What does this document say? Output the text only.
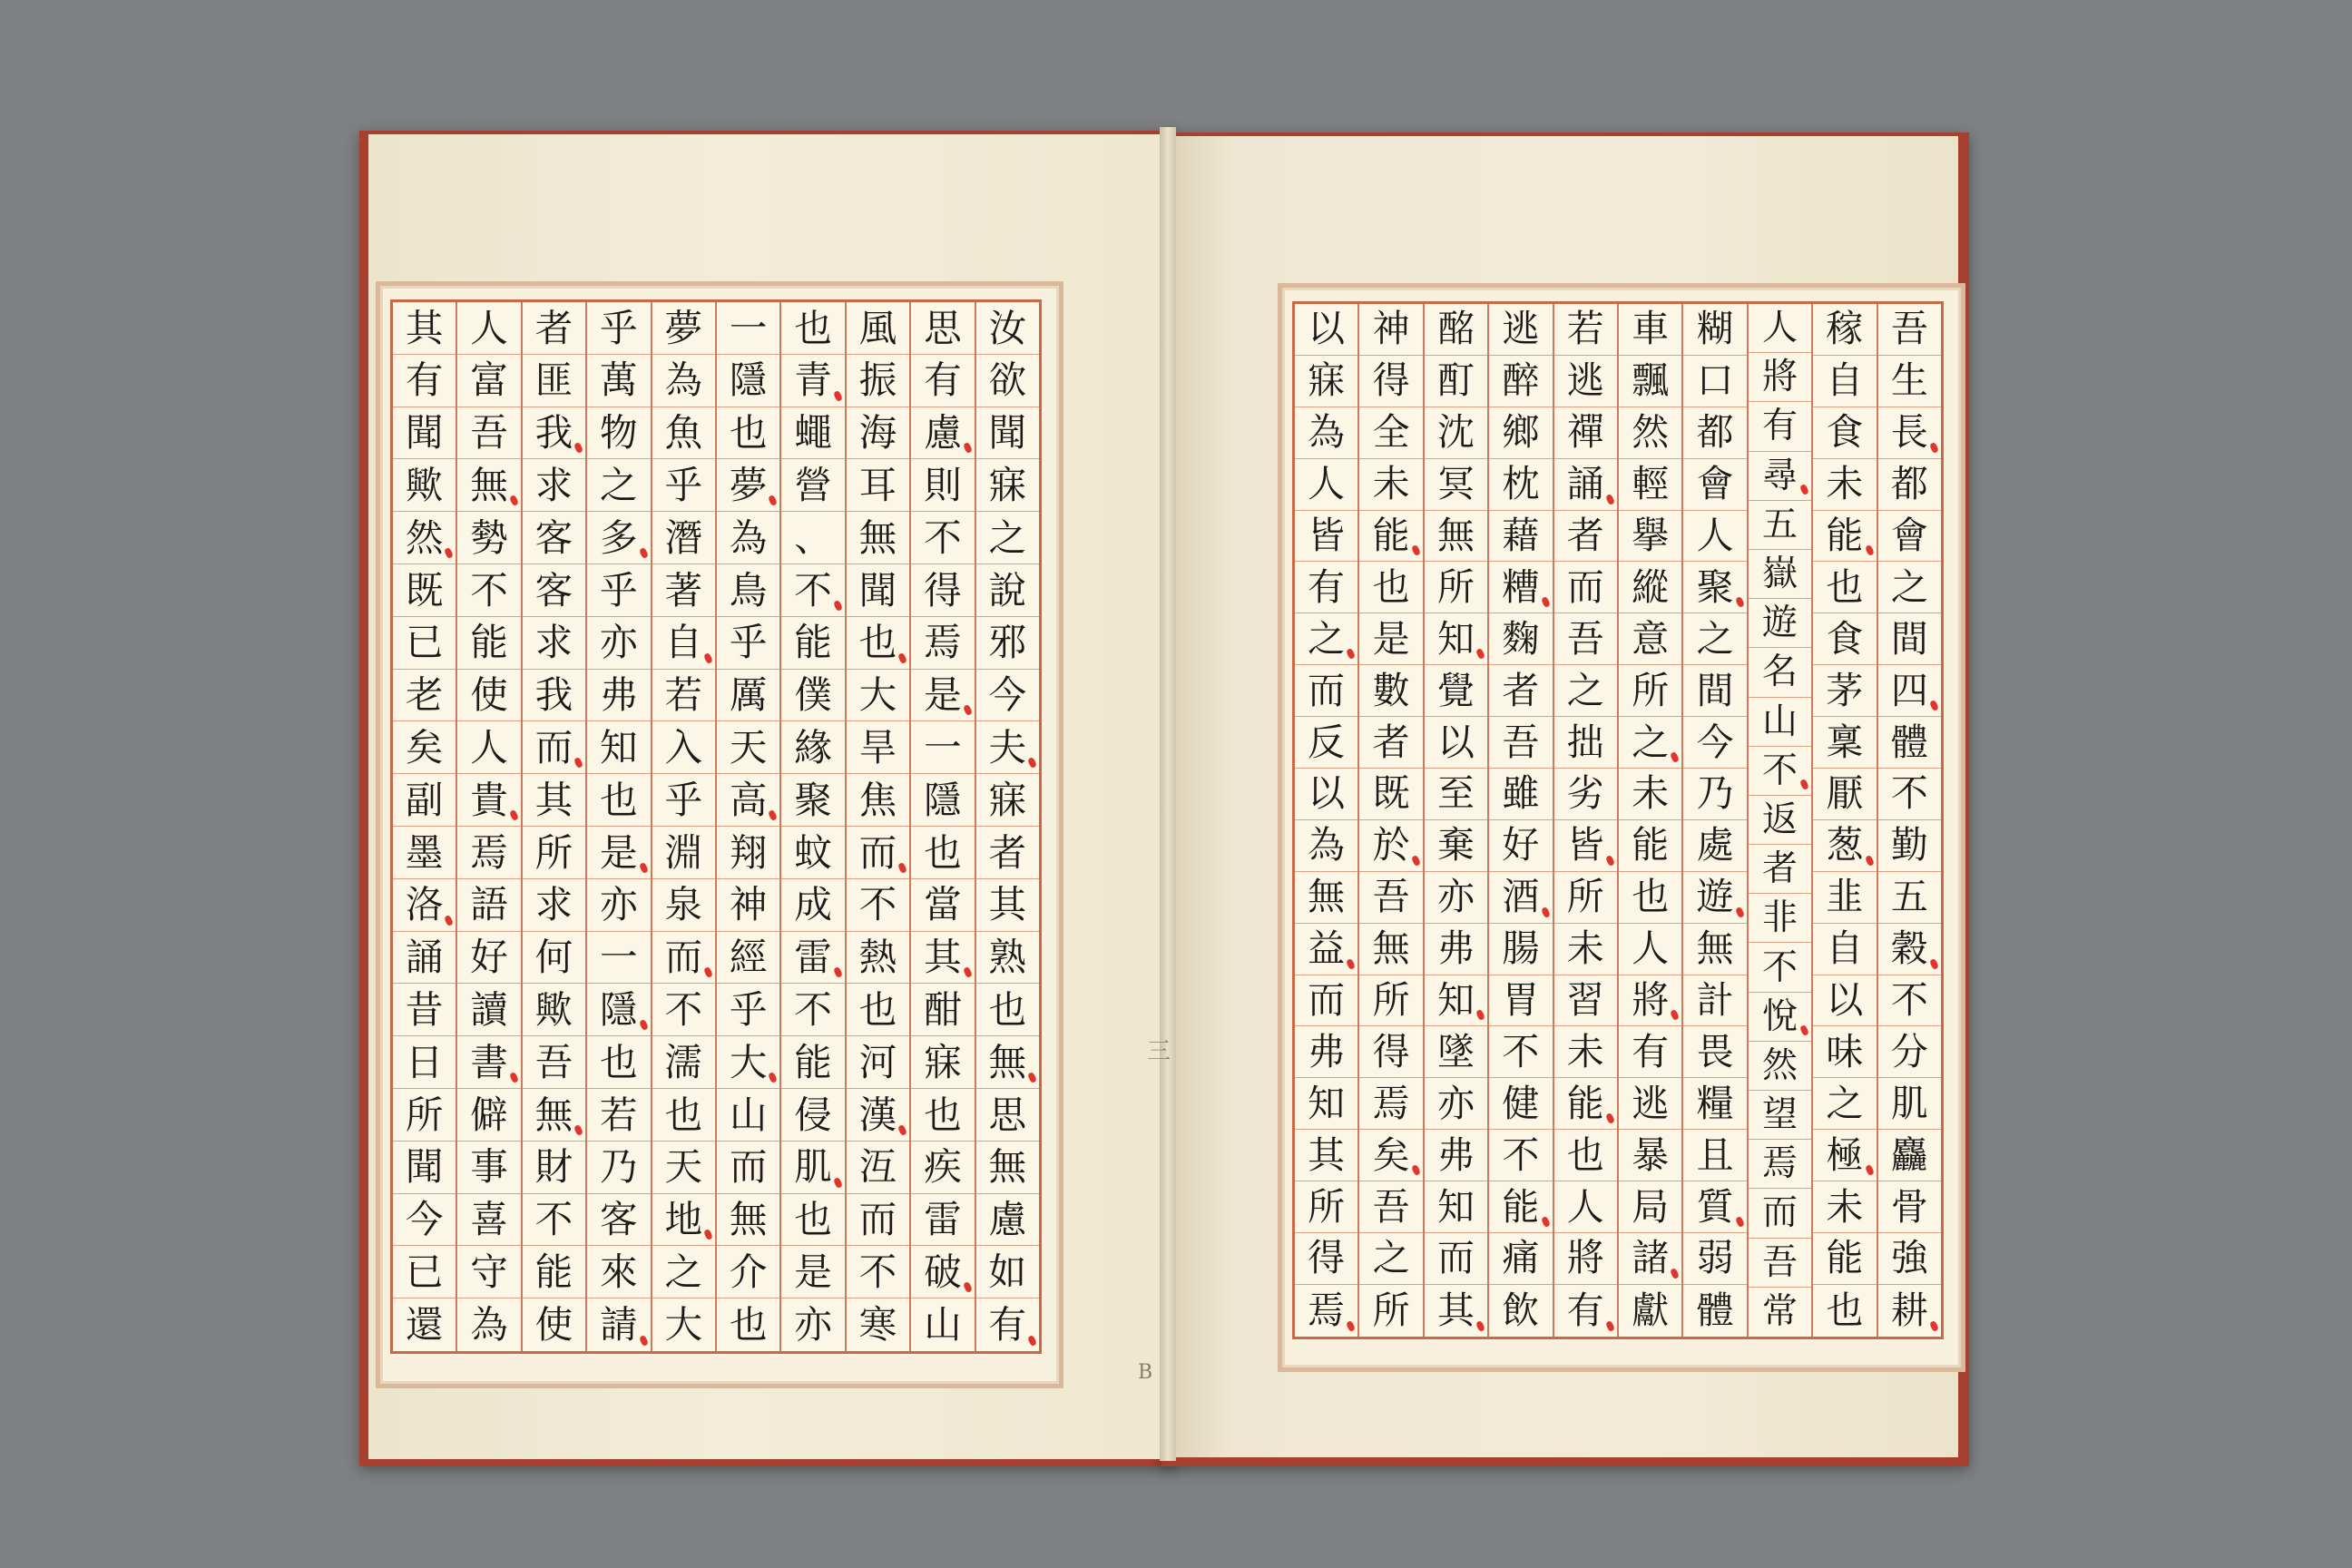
汝
欲
聞
寐
之
說
邪
今
夫
寐
者
其
熟
也
無
思
無
慮
如
有
思
有
慮
則
不
得
焉
是
一
隱
也
當
其
酣
寐
也
疾
雷
破
山
風
振
海
耳
無
聞
也
大
旱
焦
而
不
熱
也
河
漢
沍
而
不
寒
也
青
蠅
營
、
不
能
僕
緣
聚
蚊
成
雷
不
能
侵
肌
也
是
亦
一
隱
也
夢
為
鳥
乎
厲
天
高
翔
神
經
乎
大
山
而
無
介
也
夢
為
魚
乎
潛
著
自
若
入
乎
淵
泉
而
不
濡
也
天
地
之
大
乎
萬
物
之
多
乎
亦
弗
知
也
是
亦
一
隱
也
若
乃
客
來
請
者
匪
我
求
客
客
求
我
而
其
所
求
何
歟
吾
無
財
不
能
使
人
富
吾
無
勢
不
能
使
人
貴
焉
語
好
讀
書
僻
事
喜
守
為
其
有
聞
歟
然
既
已
老
矣
副
墨
洛
誦
昔
日
所
聞
今
已
還
吾
生
長
都
會
之
間
四
體
不
勤
五
穀
不
分
肌
麤
骨
強
耕
稼
自
食
未
能
也
食
茅
稟
厭
葱
韭
自
以
味
之
極
未
能
也
人
將
有
尋
五
嶽
遊
名
山
不
返
者
非
不
悅
然
望
焉
而
吾
常
糊
口
都
會
人
聚
之
間
今
乃
處
遊
無
計
畏
糧
且
質
弱
體
車
飄
然
輕
擧
縱
意
所
之
未
能
也
人
將
有
逃
暴
局
諸
獻
若
逃
禪
誦
者
而
吾
之
拙
劣
皆
所
未
習
未
能
也
人
將
有
逃
醉
鄉
枕
藉
糟
麴
者
吾
雖
好
酒
腸
胃
不
健
不
能
痛
飲
酩
酊
沈
冥
無
所
知
覺
以
至
棄
亦
弗
知
墜
亦
弗
知
而
其
神
得
全
未
能
也
是
數
者
既
於
吾
無
所
得
焉
矣
吾
之
所
以
寐
為
人
皆
有
之
而
反
以
為
無
益
而
弗
知
其
所
得
焉
三
B
